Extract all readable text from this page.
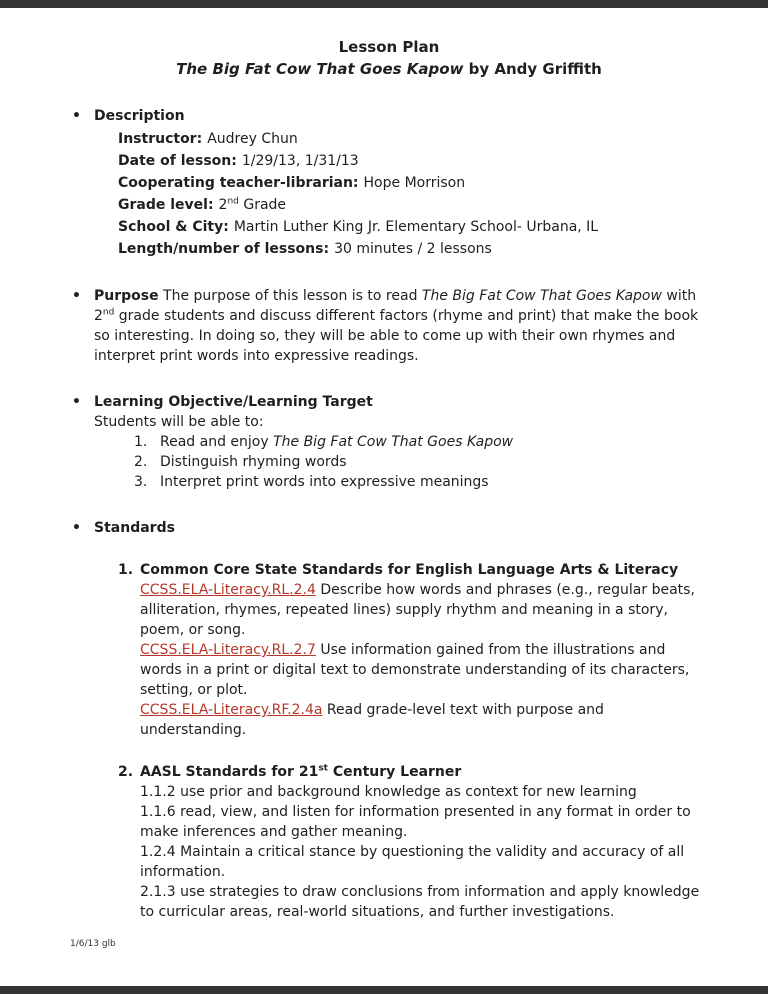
Lesson Plan
The Big Fat Cow That Goes Kapow by Andy Griffith
•
Description
Instructor: Audrey Chun
Date of lesson: 1/29/13, 1/31/13
Cooperating teacher-librarian: Hope Morrison
Grade level: 2nd Grade
School & City: Martin Luther King Jr. Elementary School- Urbana, IL
Length/number of lessons: 30 minutes / 2 lessons
•
Purpose The purpose of this lesson is to read The Big Fat Cow That Goes Kapow with 2nd grade students and discuss different factors (rhyme and print) that make the book so interesting. In doing so, they will be able to come up with their own rhymes and interpret print words into expressive readings.
•
Learning Objective/Learning Target
Students will be able to:
1. Read and enjoy The Big Fat Cow That Goes Kapow
2. Distinguish rhyming words
3. Interpret print words into expressive meanings
•
Standards
1. Common Core State Standards for English Language Arts & Literacy
CCSS.ELA-Literacy.RL.2.4 Describe how words and phrases (e.g., regular beats, alliteration, rhymes, repeated lines) supply rhythm and meaning in a story, poem, or song.
CCSS.ELA-Literacy.RL.2.7 Use information gained from the illustrations and words in a print or digital text to demonstrate understanding of its characters, setting, or plot.
CCSS.ELA-Literacy.RF.2.4a Read grade-level text with purpose and understanding.
2. AASL Standards for 21st Century Learner
1.1.2 use prior and background knowledge as context for new learning
1.1.6 read, view, and listen for information presented in any format in order to make inferences and gather meaning.
1.2.4 Maintain a critical stance by questioning the validity and accuracy of all information.
2.1.3 use strategies to draw conclusions from information and apply knowledge to curricular areas, real-world situations, and further investigations.
1/6/13 glb
